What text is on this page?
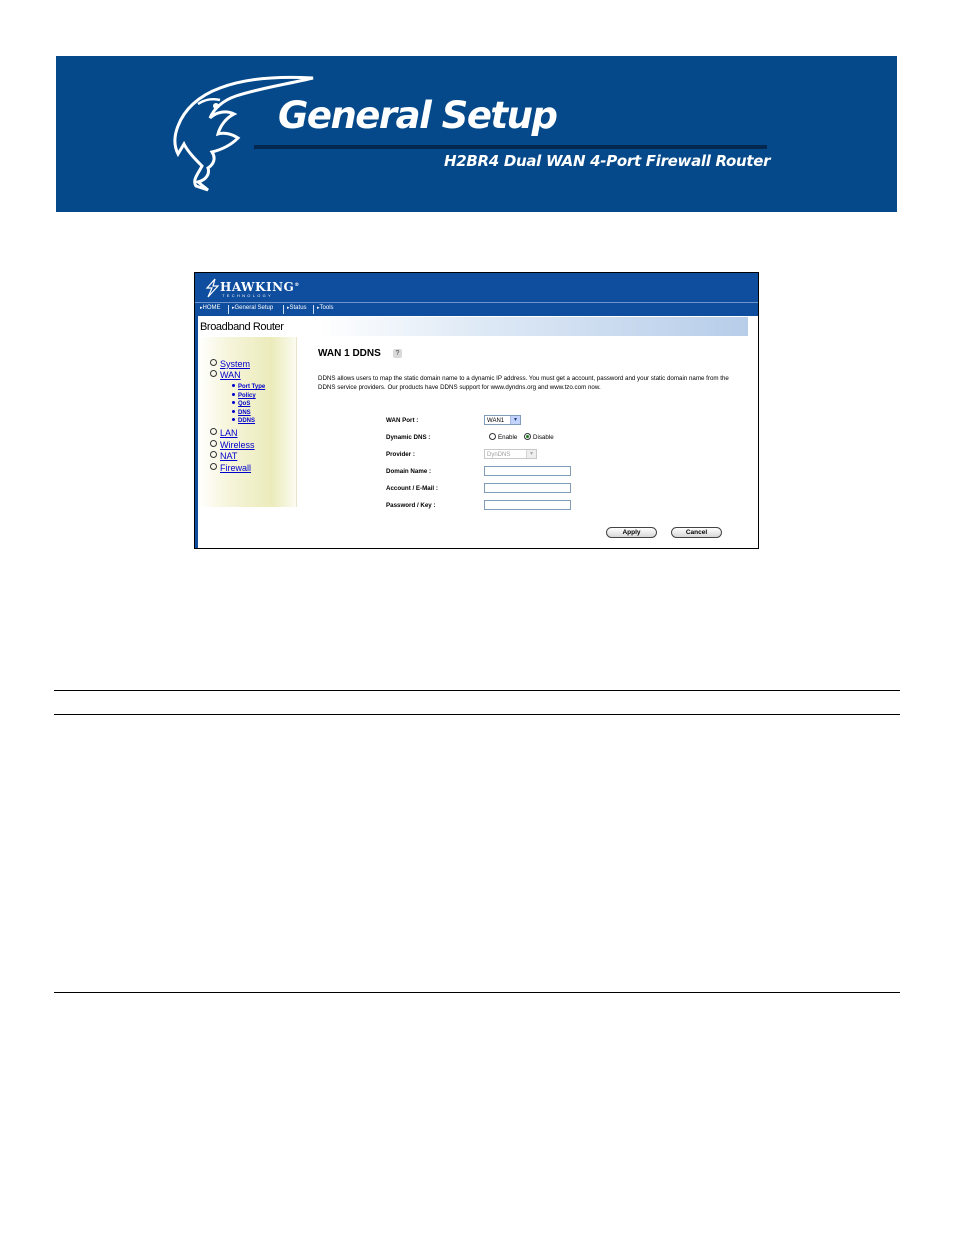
General Setup
H2BR4 Dual WAN 4-Port Firewall Router
HAWKING®
TECHNOLOGY
▸ HOME	▸ General Setup	▸ Status	▸ Tools
Broadband Router
System
WAN
Port Type
Policy
QoS
DNS
DDNS
LAN
Wireless
NAT
Firewall
WAN 1 DDNS	?
DDNS allows users to map the static domain name to a dynamic IP address. You must get a account, password and your static domain name from the DDNS service providers. Our products have DDNS support for www.dyndns.org and www.tzo.com now.
WAN Port :	WAN1	▾
Dynamic DNS :	Enable	Disable
Provider :	DynDNS	▾
Domain Name :
Account / E-Mail :
Password / Key :
Apply	Cancel
